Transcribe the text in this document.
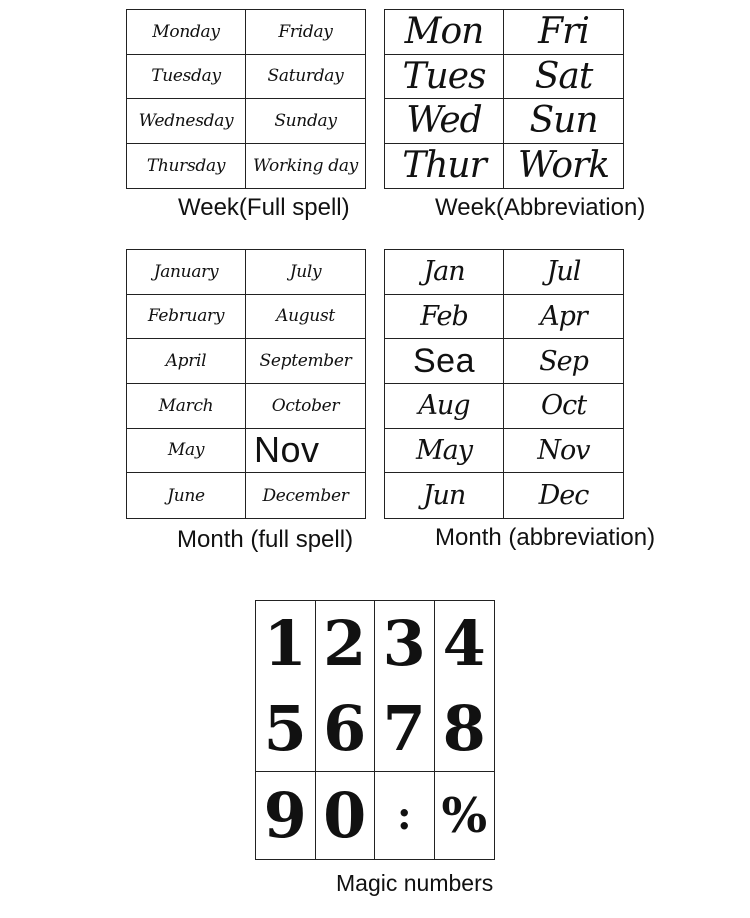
Monday	Friday
Tuesday	Saturday
Wednesday	Sunday
Thursday	Working day
Week(Full spell)
Mon	Fri
Tues	Sat
Wed	Sun
Thur Work
Week(Abbreviation)
January	July
February	August
April	September
March	October
May	Nov
June	December
Month (full spell)
Jan	Jul
Feb	Apr
Sea	Sep
Aug	Oct
May	Nov
Jun	Dec
Month (abbreviation)
1 2 3 4
5 6 7 8
9 0 : %
Magic numbers
